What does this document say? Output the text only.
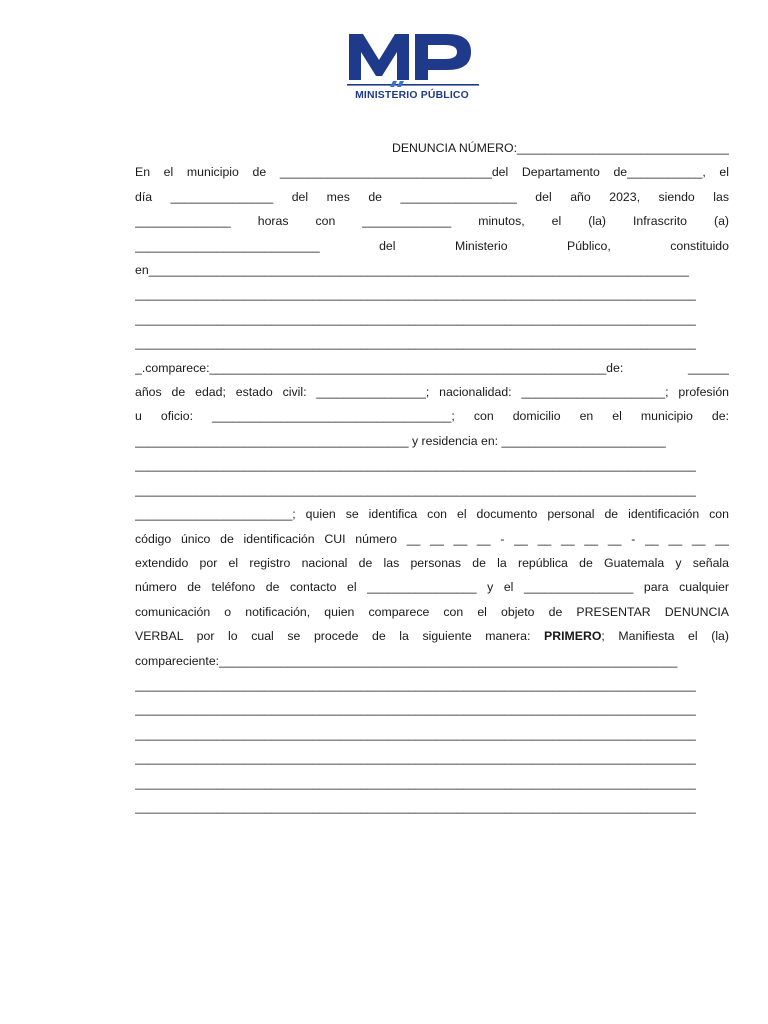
MINISTERIO PÚBLICO
DENUNCIA NÚMERO:_______________________________
En el municipio de _______________________________del Departamento de___________, el
día _______________ del mes de _________________ del año 2023, siendo las
______________ horas con _____________ minutos, el (la) Infrascrito (a)
___________________________ del Ministerio Público, constituido
en_______________________________________________________________________________
__________________________________________________________________________________
__________________________________________________________________________________
__________________________________________________________________________________
_.comparece:__________________________________________________________de: ______
años de edad; estado civil: ________________; nacionalidad: _____________________; profesión
u oficio: ___________________________________; con domicilio en el municipio de:
________________________________________ y residencia en: ________________________
__________________________________________________________________________________
__________________________________________________________________________________
_______________________; quien se identifica con el documento personal de identificación con
código único de identificación CUI número __ __ __ __ - __ __ __ __ __ - __ __ __ __
extendido por el registro nacional de las personas de la república de Guatemala y señala
número de teléfono de contacto el ________________ y el ________________ para cualquier
comunicación o notificación, quien comparece con el objeto de PRESENTAR DENUNCIA
VERBAL por lo cual se procede de la siguiente manera: PRIMERO; Manifiesta el (la)
compareciente:___________________________________________________________________
__________________________________________________________________________________
__________________________________________________________________________________
__________________________________________________________________________________
__________________________________________________________________________________
__________________________________________________________________________________
__________________________________________________________________________________
